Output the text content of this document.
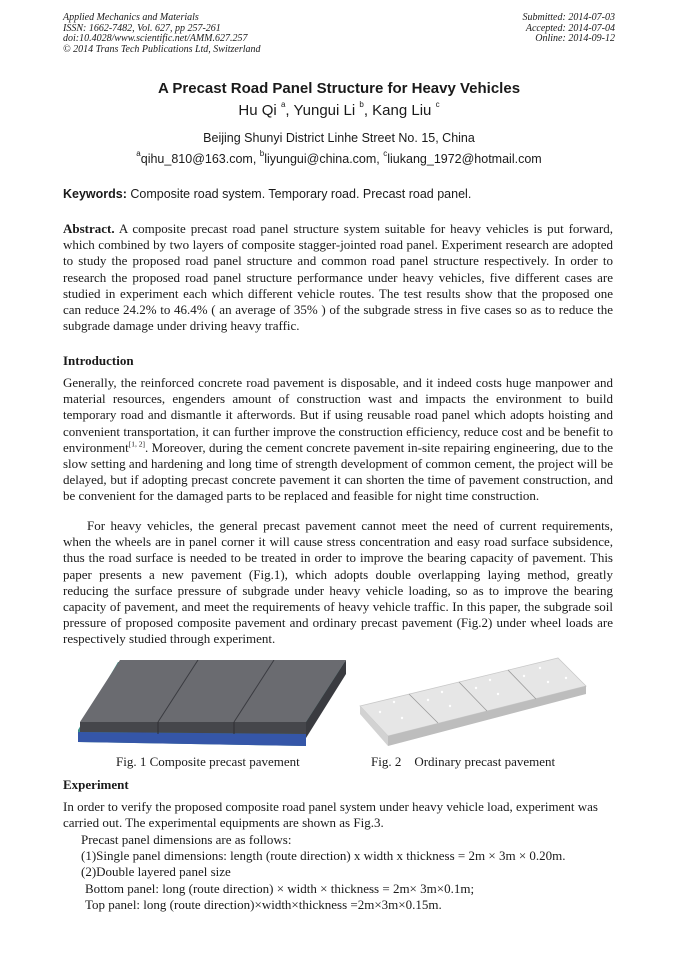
Applied Mechanics and Materials
ISSN: 1662-7482, Vol. 627, pp 257-261
doi:10.4028/www.scientific.net/AMM.627.257
© 2014 Trans Tech Publications Ltd, Switzerland
Submitted: 2014-07-03
Accepted: 2014-07-04
Online: 2014-09-12
A Precast Road Panel Structure for Heavy Vehicles
Hu Qi $^a$, Yungui Li $^b$, Kang Liu $^c$
Beijing Shunyi District Linhe Street No. 15, China
$^a$qihu_810@163.com, $^b$liyungui@china.com, $^c$liukang_1972@hotmail.com
Keywords: Composite road system. Temporary road. Precast road panel.
Abstract. A composite precast road panel structure system suitable for heavy vehicles is put forward, which combined by two layers of composite stagger-jointed road panel. Experiment research are adopted to study the proposed road panel structure and common road panel structure respectively. In order to research the proposed road panel structure performance under heavy vehicles, five different cases are studied in experiment each which different vehicle routes. The test results show that the proposed one can reduce 24.2% to 46.4% ( an average of 35% ) of the subgrade stress in five cases so as to reduce the subgrade damage under driving heavy traffic.
Introduction
Generally, the reinforced concrete road pavement is disposable, and it indeed costs huge manpower and material resources, engenders amount of construction wast and impacts the environment to build temporary road and dismantle it afterwords. But if using reusable road panel which adopts hoisting and convenient transportation, it can further improve the construction efficiency, reduce cost and be benefit to environment[1, 2]. Moreover, during the cement concrete pavement in-site repairing engineering, due to the slow setting and hardening and long time of strength development of common cement, the project will be delayed, but if adopting precast concrete pavement it can shorten the time of pavement construction, and be convenient for the damaged parts to be replaced and feasible for night time construction.
For heavy vehicles, the general precast pavement cannot meet the need of current requirements, when the wheels are in panel corner it will cause stress concentration and easy road surface subsidence, thus the road surface is needed to be treated in order to improve the bearing capacity of pavement. This paper presents a new pavement (Fig.1), which adopts double overlapping laying method, greatly reducing the surface pressure of subgrade under heavy vehicle loading, so as to improve the bearing capacity of pavement, and meet the requirements of heavy vehicle traffic. In this paper, the subgrade soil pressure of proposed composite pavement and ordinary precast pavement (Fig.2) under wheel loads are respectively studied through experiment.
Fig. 1 Composite precast pavement	Fig. 2    Ordinary precast pavement
Experiment
In order to verify the proposed composite road panel system under heavy vehicle load, experiment was carried out. The experimental equipments are shown as Fig.3.
Precast panel dimensions are as follows:
(1)Single panel dimensions: length (route direction) x width x thickness = 2m × 3m × 0.20m.
(2)Double layered panel size
Bottom panel: long (route direction) × width × thickness = 2m× 3m×0.1m;
Top panel: long (route direction)×width×thickness =2m×3m×0.15m.
